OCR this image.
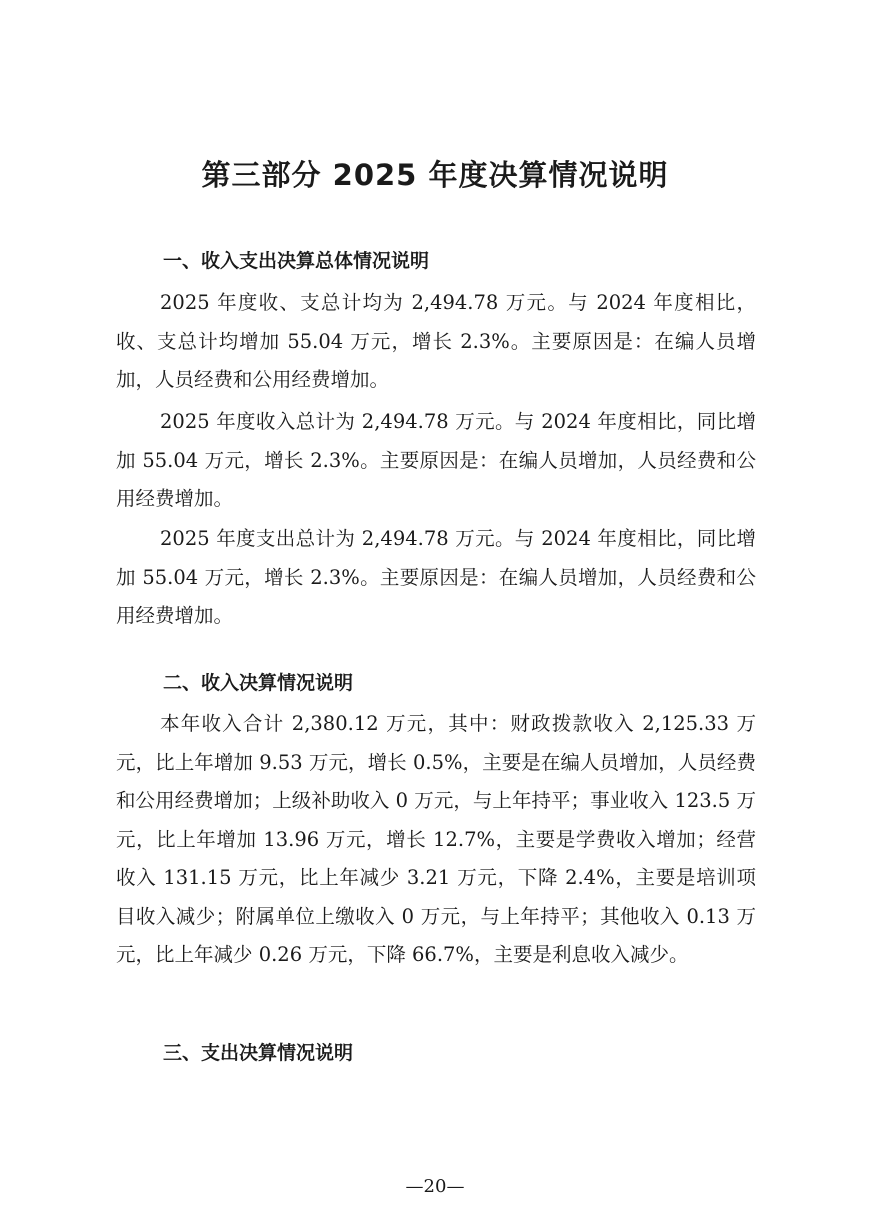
第三部分 2025 年度决算情况说明
一、收入支出决算总体情况说明

2025 年度收、支总计均为 2,494.78 万元。与 2024 年度相比，收、支总计均增加 55.04 万元，增长 2.3%。主要原因是：在编人员增加，人员经费和公用经费增加。

2025 年度收入总计为 2,494.78 万元。与 2024 年度相比，同比增加 55.04 万元，增长 2.3%。主要原因是：在编人员增加，人员经费和公用经费增加。

2025 年度支出总计为 2,494.78 万元。与 2024 年度相比，同比增加 55.04 万元，增长 2.3%。主要原因是：在编人员增加，人员经费和公用经费增加。

二、收入决算情况说明

本年收入合计 2,380.12 万元，其中：财政拨款收入 2,125.33 万元，比上年增加 9.53 万元，增长 0.5%，主要是在编人员增加，人员经费和公用经费增加；上级补助收入 0 万元，与上年持平；事业收入 123.5 万元，比上年增加 13.96 万元，增长 12.7%，主要是学费收入增加；经营收入 131.15 万元，比上年减少 3.21 万元，下降 2.4%，主要是培训项目收入减少；附属单位上缴收入 0 万元，与上年持平；其他收入 0.13 万元，比上年减少 0.26 万元，下降 66.7%，主要是利息收入减少。

三、支出决算情况说明

—20—
